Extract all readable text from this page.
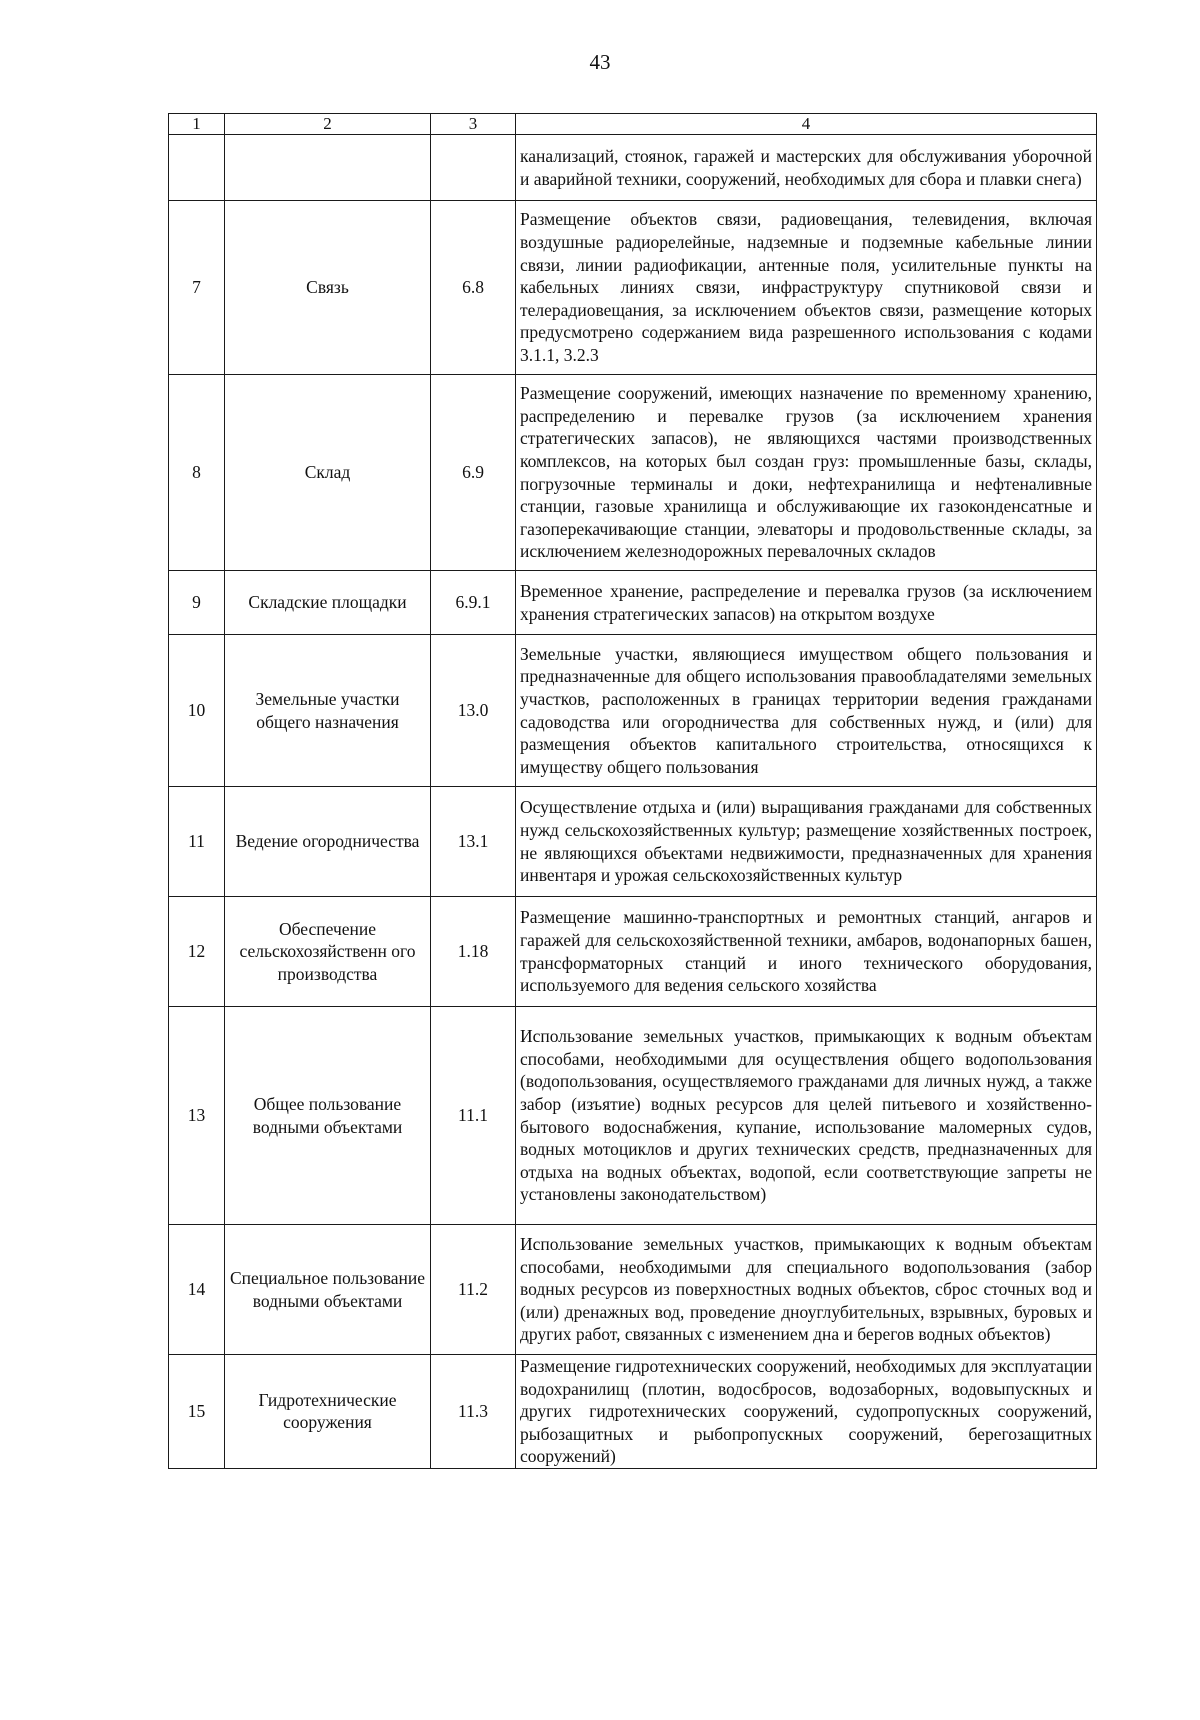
43
1	2	3	4
			канализаций, стоянок, гаражей и мастерских для обслуживания уборочной и аварийной техники, сооружений, необходимых для сбора и плавки снега)
7	Связь	6.8	Размещение объектов связи, радиовещания, телевидения, включая воздушные радиорелейные, надземные и подземные кабельные линии связи, линии радиофикации, антенные поля, усилительные пункты на кабельных линиях связи, инфраструктуру спутниковой связи и телерадиовещания, за исключением объектов связи, размещение которых предусмотрено содержанием вида разрешенного использования с кодами 3.1.1, 3.2.3
8	Склад	6.9	Размещение сооружений, имеющих назначение по временному хранению, распределению и перевалке грузов (за исключением хранения стратегических запасов), не являющихся частями производственных комплексов, на которых был создан груз: промышленные базы, склады, погрузочные терминалы и доки, нефтехранилища и нефтеналивные станции, газовые хранилища и обслуживающие их газоконденсатные и газоперекачивающие станции, элеваторы и продовольственные склады, за исключением железнодорожных перевалочных складов
9	Складские площадки	6.9.1	Временное хранение, распределение и перевалка грузов (за исключением хранения стратегических запасов) на открытом воздухе
10	Земельные участки общего назначения	13.0	Земельные участки, являющиеся имуществом общего пользования и предназначенные для общего использования правообладателями земельных участков, расположенных в границах территории ведения гражданами садоводства или огородничества для собственных нужд, и (или) для размещения объектов капитального строительства, относящихся к имуществу общего пользования
11	Ведение огородничества	13.1	Осуществление отдыха и (или) выращивания гражданами для собственных нужд сельскохозяйственных культур; размещение хозяйственных построек, не являющихся объектами недвижимости, предназначенных для хранения инвентаря и урожая сельскохозяйственных культур
12	Обеспечение сельскохозяйственн ого производства	1.18	Размещение машинно-транспортных и ремонтных станций, ангаров и гаражей для сельскохозяйственной техники, амбаров, водонапорных башен, трансформаторных станций и иного технического оборудования, используемого для ведения сельского хозяйства
13	Общее пользование водными объектами	11.1	Использование земельных участков, примыкающих к водным объектам способами, необходимыми для осуществления общего водопользования (водопользования, осуществляемого гражданами для личных нужд, а также забор (изъятие) водных ресурсов для целей питьевого и хозяйственно-бытового водоснабжения, купание, использование маломерных судов, водных мотоциклов и других технических средств, предназначенных для отдыха на водных объектах, водопой, если соответствующие запреты не установлены законодательством)
14	Специальное пользование водными объектами	11.2	Использование земельных участков, примыкающих к водным объектам способами, необходимыми для специального водопользования (забор водных ресурсов из поверхностных водных объектов, сброс сточных вод и (или) дренажных вод, проведение дноуглубительных, взрывных, буровых и других работ, связанных с изменением дна и берегов водных объектов)
15	Гидротехнические сооружения	11.3	Размещение гидротехнических сооружений, необходимых для эксплуатации водохранилищ (плотин, водосбросов, водозаборных, водовыпускных и других гидротехнических сооружений, судопропускных сооружений, рыбозащитных и рыбопропускных сооружений, берегозащитных сооружений)
